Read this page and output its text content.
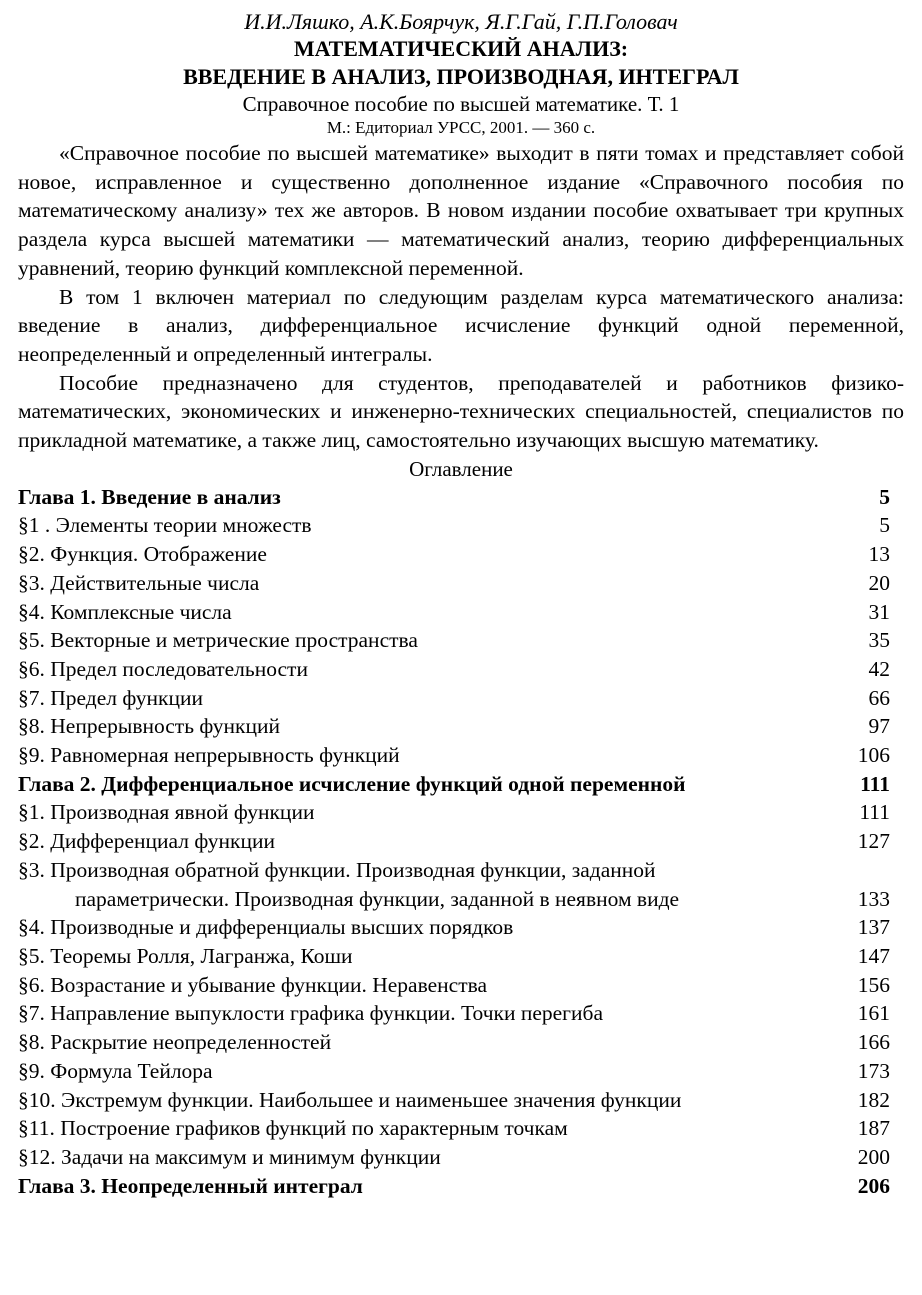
И.И.Ляшко, А.К.Боярчук, Я.Г.Гай, Г.П.Головач
МАТЕМАТИЧЕСКИЙ АНАЛИЗ:
ВВЕДЕНИЕ В АНАЛИЗ, ПРОИЗВОДНАЯ, ИНТЕГРАЛ
Справочное пособие по высшей математике. Т. 1
М.: Едиториал УРСС, 2001. — 360 с.

«Справочное пособие по высшей математике» выходит в пяти томах и представляет собой новое, исправленное и существенно дополненное издание «Справочного пособия по математическому анализу» тех же авторов. В новом издании пособие охватывает три крупных раздела курса высшей математики — математический анализ, теорию дифференциальных уравнений, теорию функций комплексной переменной.

В том 1 включен материал по следующим разделам курса математического анализа: введение в анализ, дифференциальное исчисление функций одной переменной, неопределенный и определенный интегралы.

Пособие предназначено для студентов, преподавателей и работников физико-математических, экономических и инженерно-технических специальностей, специалистов по прикладной математике, а также лиц, самостоятельно изучающих высшую математику.

Оглавление
Глава 1. Введение в анализ	5
§1 . Элементы теории множеств	5
§2. Функция. Отображение	13
§3. Действительные числа	20
§4. Комплексные числа	31
§5. Векторные и метрические пространства	35
§6. Предел последовательности	42
§7. Предел функции	66
§8. Непрерывность функций	97
§9. Равномерная непрерывность функций	106
Глава 2. Дифференциальное исчисление функций одной переменной	111
§1. Производная явной функции	111
§2. Дифференциал функции	127
§3. Производная обратной функции. Производная функции, заданной
параметрически. Производная функции, заданной в неявном виде	133
§4. Производные и дифференциалы высших порядков	137
§5. Теоремы Ролля, Лагранжа, Коши	147
§6. Возрастание и убывание функции. Неравенства	156
§7. Направление выпуклости графика функции. Точки перегиба	161
§8. Раскрытие неопределенностей	166
§9. Формула Тейлора	173
§10. Экстремум функции. Наибольшее и наименьшее значения функции	182
§11. Построение графиков функций по характерным точкам	187
§12. Задачи на максимум и минимум функции	200
Глава 3. Неопределенный интеграл	206
